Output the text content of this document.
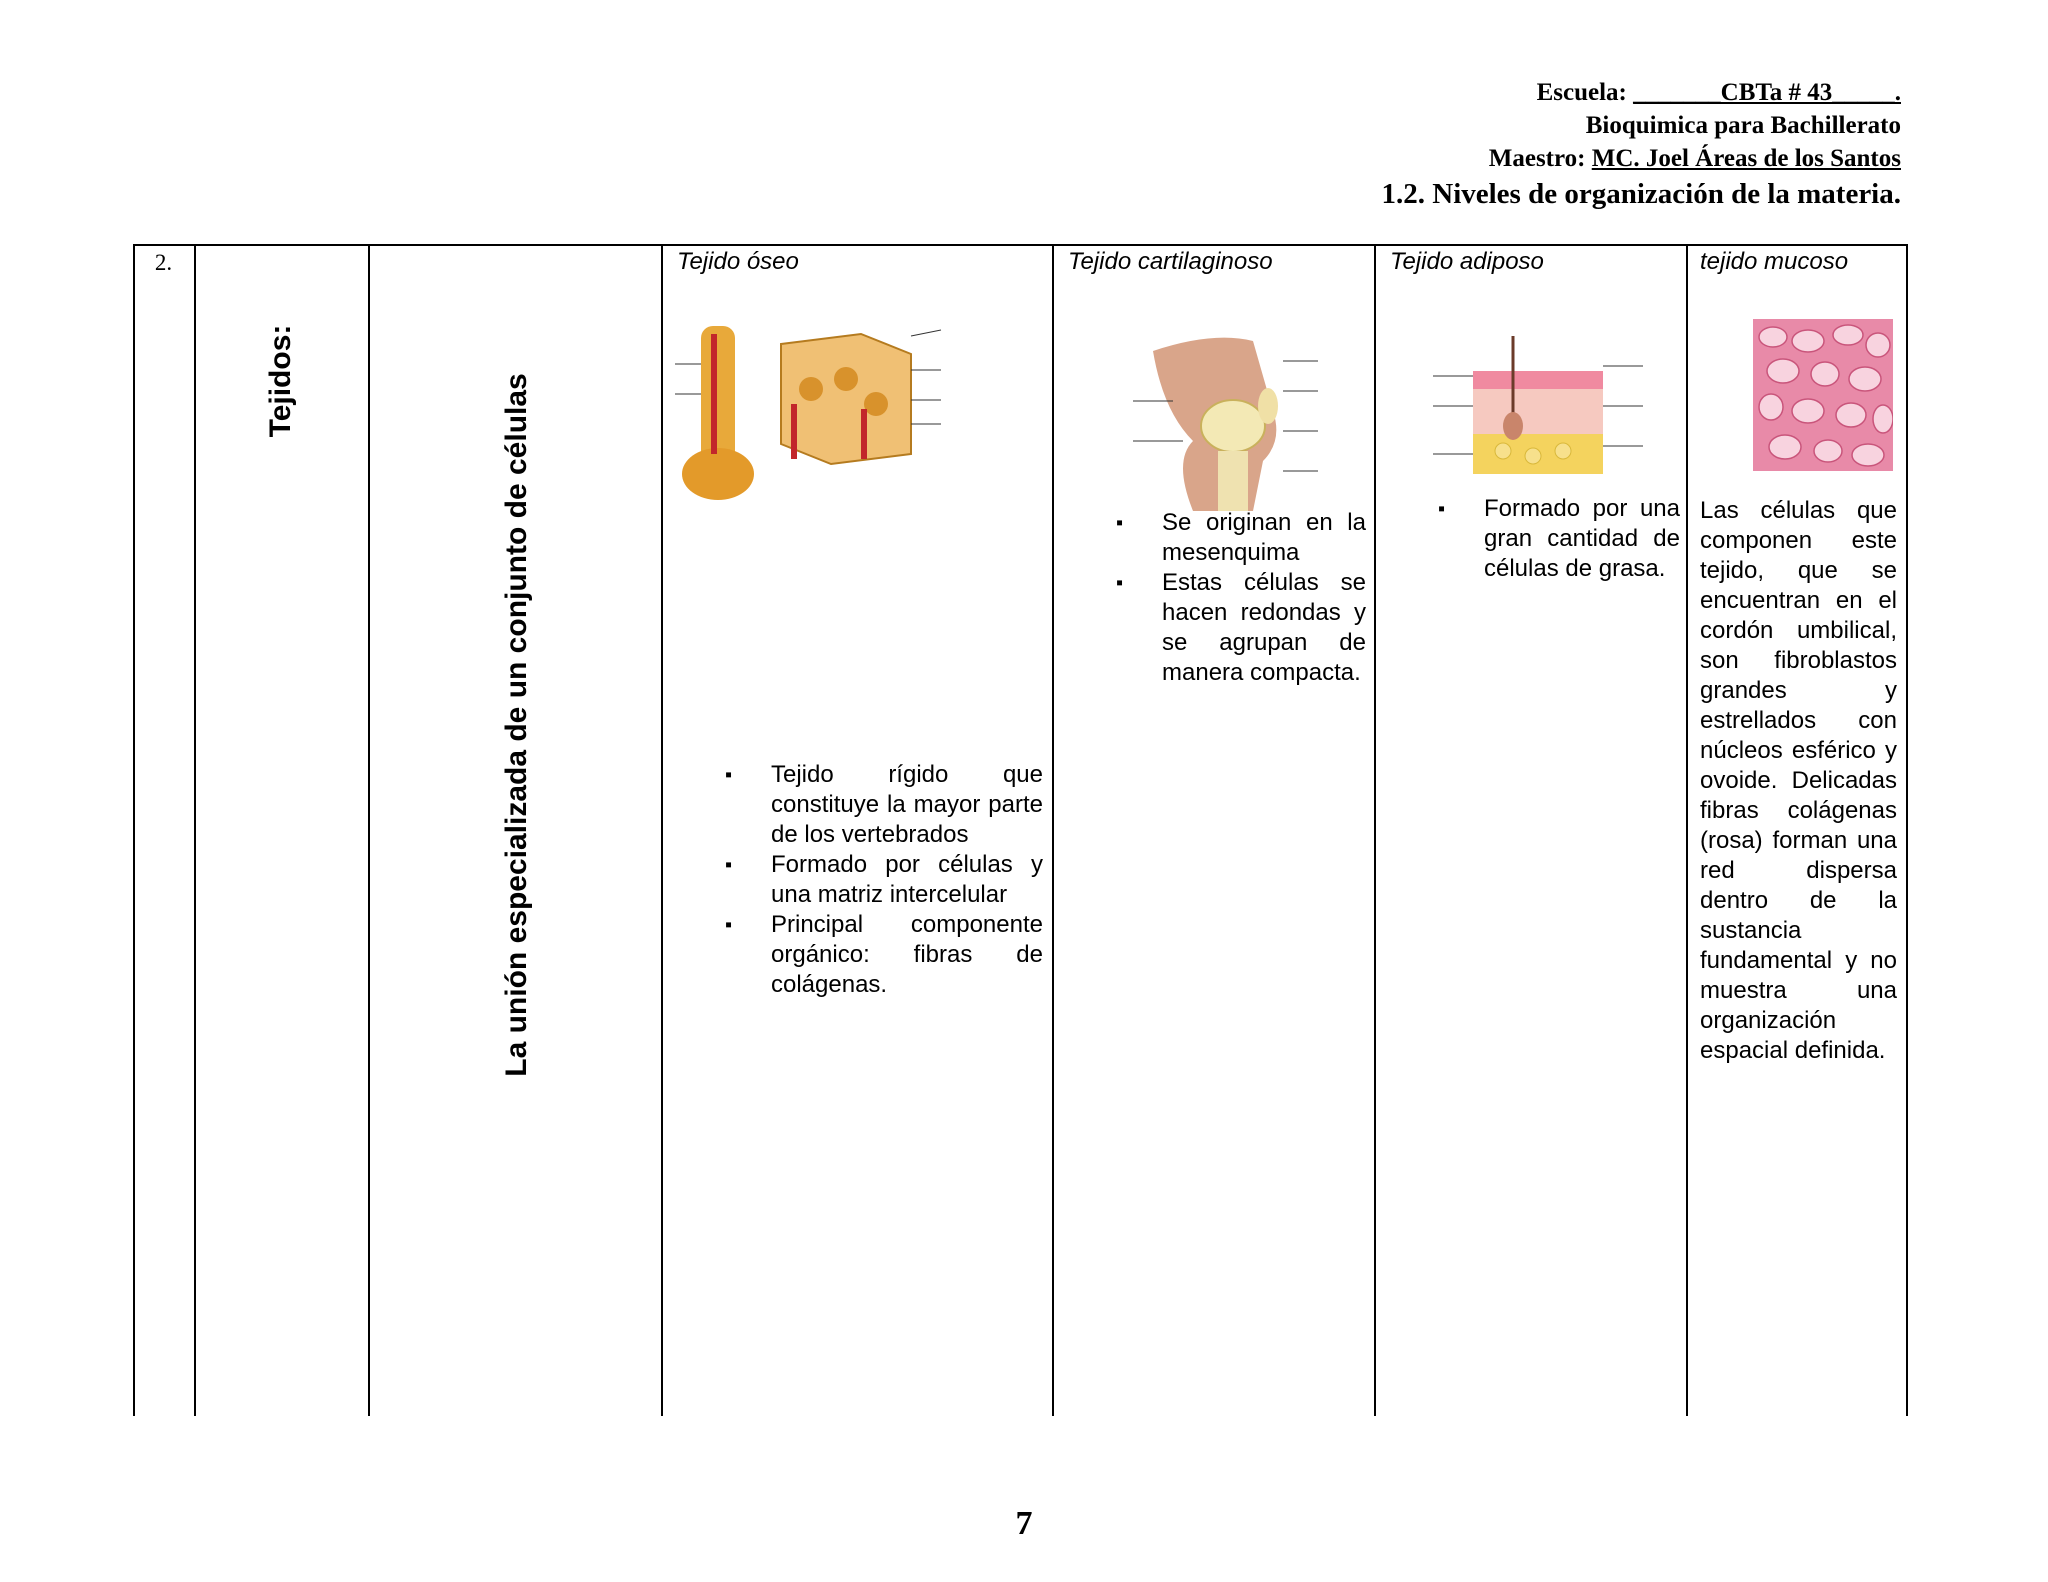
Escuela: _______CBTa # 43_____.
Bioquimica para Bachillerato
Maestro: MC. Joel Áreas de los Santos
1.2. Niveles de organización de la materia.
2.
Tejidos:	La unión especializada de un conjunto de células
Tejido óseo
▪ Tejido rígido que constituye la mayor parte de los vertebrados
▪ Formado por células y una matriz intercelular
▪ Principal componente orgánico: fibras de colágenas.
Tejido cartilaginoso
▪ Se originan en la mesenquima
▪ Estas células se hacen redondas y se agrupan de manera compacta.
Tejido adiposo
▪ Formado por una gran cantidad de células de grasa.
tejido mucoso
Las células que componen este tejido, que se encuentran en el cordón umbilical, son fibroblastos grandes y estrellados con núcleos esférico y ovoide. Delicadas fibras colágenas (rosa) forman una red dispersa dentro de la sustancia fundamental y no muestra una organización espacial definida.
7
